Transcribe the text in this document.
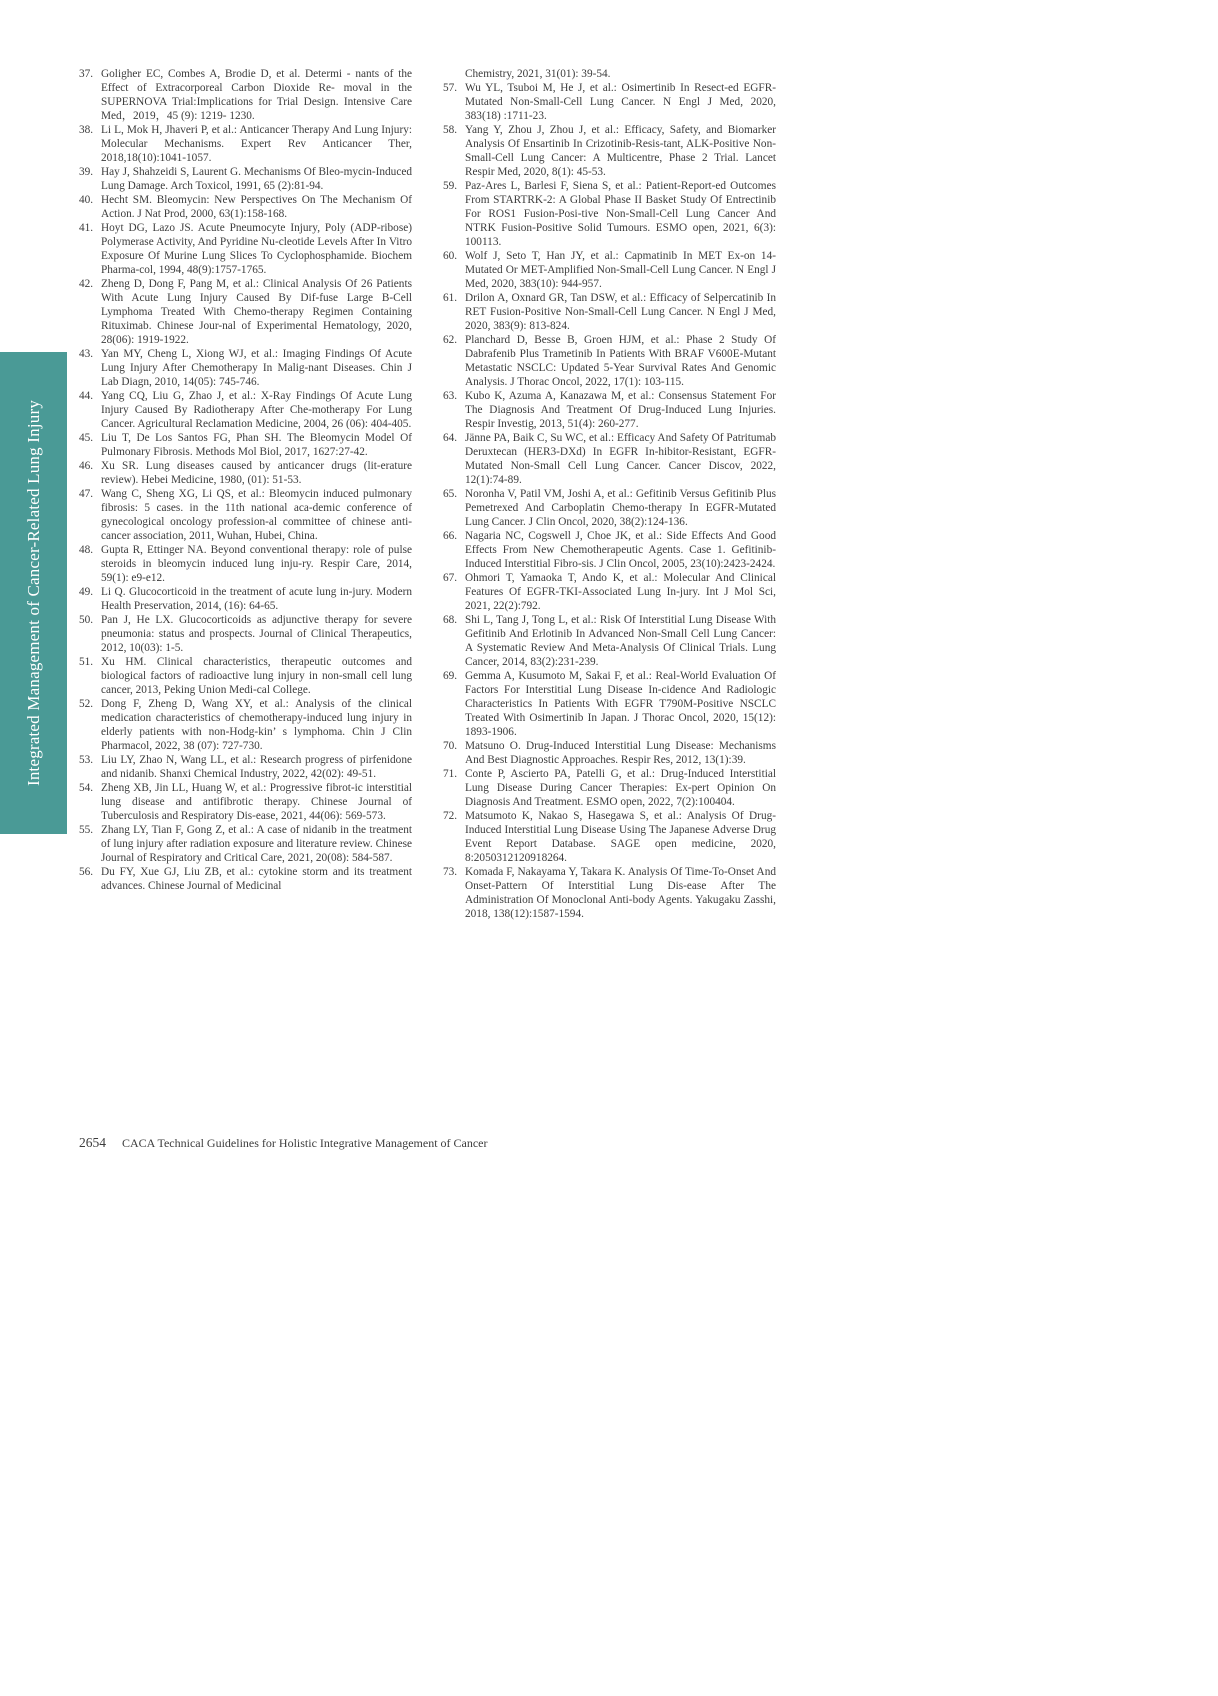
Integrated Management of Cancer-Related Lung Injury

37. Goligher EC, Combes A, Brodie D, et al. Determi - nants of the Effect of Extracorporeal Carbon Dioxide Re- moval in the SUPERNOVA Trial:Implications for Trial Design. Intensive Care Med，2019，45 (9): 1219- 1230.

38. Li L, Mok H, Jhaveri P, et al.: Anticancer Therapy And Lung Injury: Molecular Mechanisms. Expert Rev Anticancer Ther, 2018,18(10):1041-1057.

39. Hay J, Shahzeidi S, Laurent G. Mechanisms Of Bleo-mycin-Induced Lung Damage. Arch Toxicol, 1991, 65 (2):81-94.

40. Hecht SM. Bleomycin: New Perspectives On The Mechanism Of Action. J Nat Prod, 2000, 63(1):158-168.

41. Hoyt DG, Lazo JS. Acute Pneumocyte Injury, Poly (ADP-ribose) Polymerase Activity, And Pyridine Nu-cleotide Levels After In Vitro Exposure Of Murine Lung Slices To Cyclophosphamide. Biochem Pharma-col, 1994, 48(9):1757-1765.

42. Zheng D, Dong F, Pang M, et al.: Clinical Analysis Of 26 Patients With Acute Lung Injury Caused By Dif-fuse Large B-Cell Lymphoma Treated With Chemo-therapy Regimen Containing Rituximab. Chinese Jour-nal of Experimental Hematology, 2020, 28(06): 1919-1922.

43. Yan MY, Cheng L, Xiong WJ, et al.: Imaging Findings Of Acute Lung Injury After Chemotherapy In Malig-nant Diseases. Chin J Lab Diagn, 2010, 14(05): 745-746.

44. Yang CQ, Liu G, Zhao J, et al.: X-Ray Findings Of Acute Lung Injury Caused By Radiotherapy After Che-motherapy For Lung Cancer. Agricultural Reclamation Medicine, 2004, 26 (06): 404-405.

45. Liu T, De Los Santos FG, Phan SH. The Bleomycin Model Of Pulmonary Fibrosis. Methods Mol Biol, 2017, 1627:27-42.

46. Xu SR. Lung diseases caused by anticancer drugs (lit-erature review). Hebei Medicine, 1980, (01): 51-53.

47. Wang C, Sheng XG, Li QS, et al.: Bleomycin induced pulmonary fibrosis: 5 cases. in the 11th national aca-demic conference of gynecological oncology profession-al committee of chinese anti-cancer association, 2011, Wuhan, Hubei, China.

48. Gupta R, Ettinger NA. Beyond conventional therapy: role of pulse steroids in bleomycin induced lung inju-ry. Respir Care, 2014, 59(1): e9-e12.

49. Li Q. Glucocorticoid in the treatment of acute lung in-jury. Modern Health Preservation, 2014, (16): 64-65.

50. Pan J, He LX. Glucocorticoids as adjunctive therapy for severe pneumonia: status and prospects. Journal of Clinical Therapeutics, 2012, 10(03): 1-5.

51. Xu HM. Clinical characteristics, therapeutic outcomes and biological factors of radioactive lung injury in non-small cell lung cancer, 2013, Peking Union Medi-cal College.

52. Dong F, Zheng D, Wang XY, et al.: Analysis of the clinical medication characteristics of chemotherapy-induced lung injury in elderly patients with non-Hodg-kin’ s lymphoma. Chin J Clin Pharmacol, 2022, 38 (07): 727-730.

53. Liu LY, Zhao N, Wang LL, et al.: Research progress of pirfenidone and nidanib. Shanxi Chemical Industry, 2022, 42(02): 49-51.

54. Zheng XB, Jin LL, Huang W, et al.: Progressive fibrot-ic interstitial lung disease and antifibrotic therapy. Chinese Journal of Tuberculosis and Respiratory Dis-ease, 2021, 44(06): 569-573.

55. Zhang LY, Tian F, Gong Z, et al.: A case of nidanib in the treatment of lung injury after radiation exposure and literature review. Chinese Journal of Respiratory and Critical Care, 2021, 20(08): 584-587.

56. Du FY, Xue GJ, Liu ZB, et al.: cytokine storm and its treatment advances. Chinese Journal of Medicinal

Chemistry, 2021, 31(01): 39-54.

57. Wu YL, Tsuboi M, He J, et al.: Osimertinib In Resect-ed EGFR-Mutated Non-Small-Cell Lung Cancer. N Engl J Med, 2020, 383(18) :1711-23.

58. Yang Y, Zhou J, Zhou J, et al.: Efficacy, Safety, and Biomarker Analysis Of Ensartinib In Crizotinib-Resis-tant, ALK-Positive Non-Small-Cell Lung Cancer: A Multicentre, Phase 2 Trial. Lancet Respir Med, 2020, 8(1): 45-53.

59. Paz-Ares L, Barlesi F, Siena S, et al.: Patient-Report-ed Outcomes From STARTRK-2: A Global Phase II Basket Study Of Entrectinib For ROS1 Fusion-Posi-tive Non-Small-Cell Lung Cancer And NTRK Fusion-Positive Solid Tumours. ESMO open, 2021, 6(3): 100113.

60. Wolf J, Seto T, Han JY, et al.: Capmatinib In MET Ex-on 14-Mutated Or MET-Amplified Non-Small-Cell Lung Cancer. N Engl J Med, 2020, 383(10): 944-957.

61. Drilon A, Oxnard GR, Tan DSW, et al.: Efficacy of Selpercatinib In RET Fusion-Positive Non-Small-Cell Lung Cancer. N Engl J Med, 2020, 383(9): 813-824.

62. Planchard D, Besse B, Groen HJM, et al.: Phase 2 Study Of Dabrafenib Plus Trametinib In Patients With BRAF V600E-Mutant Metastatic NSCLC: Updated 5-Year Survival Rates And Genomic Analysis. J Thorac Oncol, 2022, 17(1): 103-115.

63. Kubo K, Azuma A, Kanazawa M, et al.: Consensus Statement For The Diagnosis And Treatment Of Drug-Induced Lung Injuries. Respir Investig, 2013, 51(4): 260-277.

64. Jänne PA, Baik C, Su WC, et al.: Efficacy And Safety Of Patritumab Deruxtecan (HER3-DXd) In EGFR In-hibitor-Resistant, EGFR-Mutated Non-Small Cell Lung Cancer. Cancer Discov, 2022, 12(1):74-89.

65. Noronha V, Patil VM, Joshi A, et al.: Gefitinib Versus Gefitinib Plus Pemetrexed And Carboplatin Chemo-therapy In EGFR-Mutated Lung Cancer. J Clin Oncol, 2020, 38(2):124-136.

66. Nagaria NC, Cogswell J, Choe JK, et al.: Side Effects And Good Effects From New Chemotherapeutic Agents. Case 1. Gefitinib-Induced Interstitial Fibro-sis. J Clin Oncol, 2005, 23(10):2423-2424.

67. Ohmori T, Yamaoka T, Ando K, et al.: Molecular And Clinical Features Of EGFR-TKI-Associated Lung In-jury. Int J Mol Sci, 2021, 22(2):792.

68. Shi L, Tang J, Tong L, et al.: Risk Of Interstitial Lung Disease With Gefitinib And Erlotinib In Advanced Non-Small Cell Lung Cancer: A Systematic Review And Meta-Analysis Of Clinical Trials. Lung Cancer, 2014, 83(2):231-239.

69. Gemma A, Kusumoto M, Sakai F, et al.: Real-World Evaluation Of Factors For Interstitial Lung Disease In-cidence And Radiologic Characteristics In Patients With EGFR T790M-Positive NSCLC Treated With Osimertinib In Japan. J Thorac Oncol, 2020, 15(12): 1893-1906.

70. Matsuno O. Drug-Induced Interstitial Lung Disease: Mechanisms And Best Diagnostic Approaches. Respir Res, 2012, 13(1):39.

71. Conte P, Ascierto PA, Patelli G, et al.: Drug-Induced Interstitial Lung Disease During Cancer Therapies: Ex-pert Opinion On Diagnosis And Treatment. ESMO open, 2022, 7(2):100404.

72. Matsumoto K, Nakao S, Hasegawa S, et al.: Analysis Of Drug-Induced Interstitial Lung Disease Using The Japanese Adverse Drug Event Report Database. SAGE open medicine, 2020, 8:2050312120918264.

73. Komada F, Nakayama Y, Takara K. Analysis Of Time-To-Onset And Onset-Pattern Of Interstitial Lung Dis-ease After The Administration Of Monoclonal Anti-body Agents. Yakugaku Zasshi, 2018, 138(12):1587-1594.

2654 CACA Technical Guidelines for Holistic Integrative Management of Cancer
